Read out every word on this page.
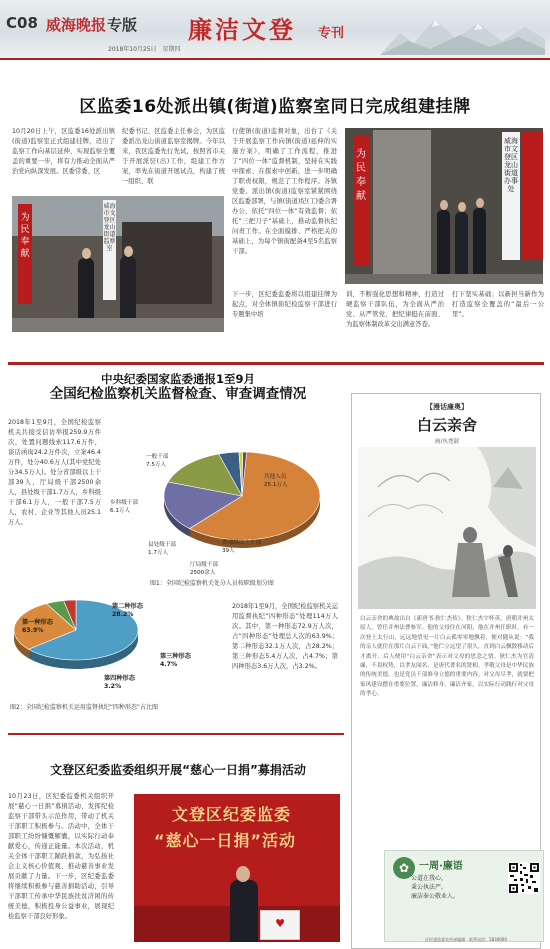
C08 威海晚报 专版
2018年10月25日　星期四
廉洁文登 专刊
区监委16处派出镇(街道)监察室同日完成组建挂牌
10月20日上午，区监委16处派出镇(街道)监察室正式组建挂牌，迈出了监察工作向基层延伸、实现监察全覆盖的重要一步，将有力推动全面从严治党向纵深发展。区委常委、区
纪委书记、区监委主任参会，为区监委派出龙山街道监察室揭牌。今年以来，我区监委先行先试，按照省市关于开展派驻(出)工作，组建工作方案，率先在街道开展试点，构建了统一组织、联
行使镇(街道)监督对象，出台了《关于开展监察工作向镇(街道)延伸的实施方案》，明确了工作流程，推进了“四位一体”监督机制，坚持在实践中探索、在探索中创新，进一步明确了职责权限，规范了工作程序。各镇党委、派出镇(街道)监察室紧紧围绕区监委部署，与镇(街道)纪(工)委合署办公，依托“四位一体”有效监督；依托“三把刀子”基础上，推动监督执纪问责工作。在全面摸排、严格把关的基础上，为每个镇街配备4至5名监察干部。
下一步，区纪委监委将以组建挂牌为起点，对全体镇街纪检监察干部进行专题集中培
训，不断强化思想和精神，打造过硬监察干部队伍，为全面从严治党、从严管党、把纪律挺在前面、为监察体制改革交出满意答卷。
打下坚实基础；以新担当新作为打造监察全覆盖的“最后一公里”。
为民奉献
威海市文登区龙山街道监察室
为民奉献
威海市文登区龙山街道办事处
中央纪委国家监委通报1至9月
全国纪检监察机关监督检查、审查调查情况
2018年1至9月，全国纪检监察机关共接受信访举报259.9万件次，处置问题线索117.6万件，谈话函询24.2万件次，立案46.4万件，处分40.6万人(其中党纪处分34.5万人)。处分省部级以上干部39人，厅局级干部2500余人，县处级干部1.7万人，乡科级干部6.1万人，一般干部7.5万人，农村、企业等其他人员25.1万人。
共他人员
25.1万人
一般干部
7.5万人
乡科级干部
6.1万人
县处级干部
1.7万人
厅局级干部
2500余人
省部级以上干部
39人
图1：全国纪检监察机关处分人员按职级划分图
第一种形态
63.9%
第二种形态
28.2%
第三种形态
4.7%
第四种形态
3.2%
2018年1至9月，全国纪检监察机关运用监督执纪“四种形态”处理114万人次。其中，第一种形态72.9万人次，占“四种形态”处理总人次的63.9%；第二种形态32.1万人次，占28.2%；第三种形态5.4万人次，占4.7%；第四种形态3.6万人次，占3.2%。
图2：全国纪检监察机关运用监督执纪“四种形态”占比图
【漫话廉奥】
白云亲舍
画/丛尧淑
白云亲舍的典故出自《新唐书·狄仁杰传》。狄仁杰字怀英，唐朝并州太原人，曾任并州法曹参军。他的父母住在河阳，他在并州任职时，有一次登上太行山，远远地望见一片白云孤零零地飘着，便对随从说：“我的亲人就住在那片白云下面。”他伫立远望了很久，直到白云飘散移动后才离开。后人便用“白云亲舍”表示对父母的思念之情。狄仁杰为官清廉，不畏权势，以孝友闻名，是唐代著名的贤相。孝敬父母是中华民族的传统美德，也是党员干部修身立德的重要内容。对父母尽孝，就要把家风建设摆在重要位置，廉洁修身、廉洁齐家，以实际行动践行对父母的孝心。
✿ 一周·廉语
公道在我心，
秉公执法严。
廉洁奉公敬业人。
区纪委监委宣传部编辑　联系电话：5830000
文登区纪委监委组织开展“慈心一日捐”募捐活动
10月23日，区纪委监委机关组织开展“慈心一日捐”募捐活动，发挥纪检监察干部带头示范作用，带动了机关干部职工积极参与。活动中，全体干部职工纷纷慷慨解囊，以实际行动奉献爱心，传递正能量。本次活动，机关全体干部职工踊跃捐款，为弘扬社会主义核心价值观、推动慈善事业发展贡献了力量。下一步，区纪委监委将继续积极参与慈善捐助活动，引导干部职工传承中华民族扶贫济困的传统美德，积极投身公益事业，展现纪检监察干部良好形象。
文登区纪委监委
“慈心一日捐”活动
♥
